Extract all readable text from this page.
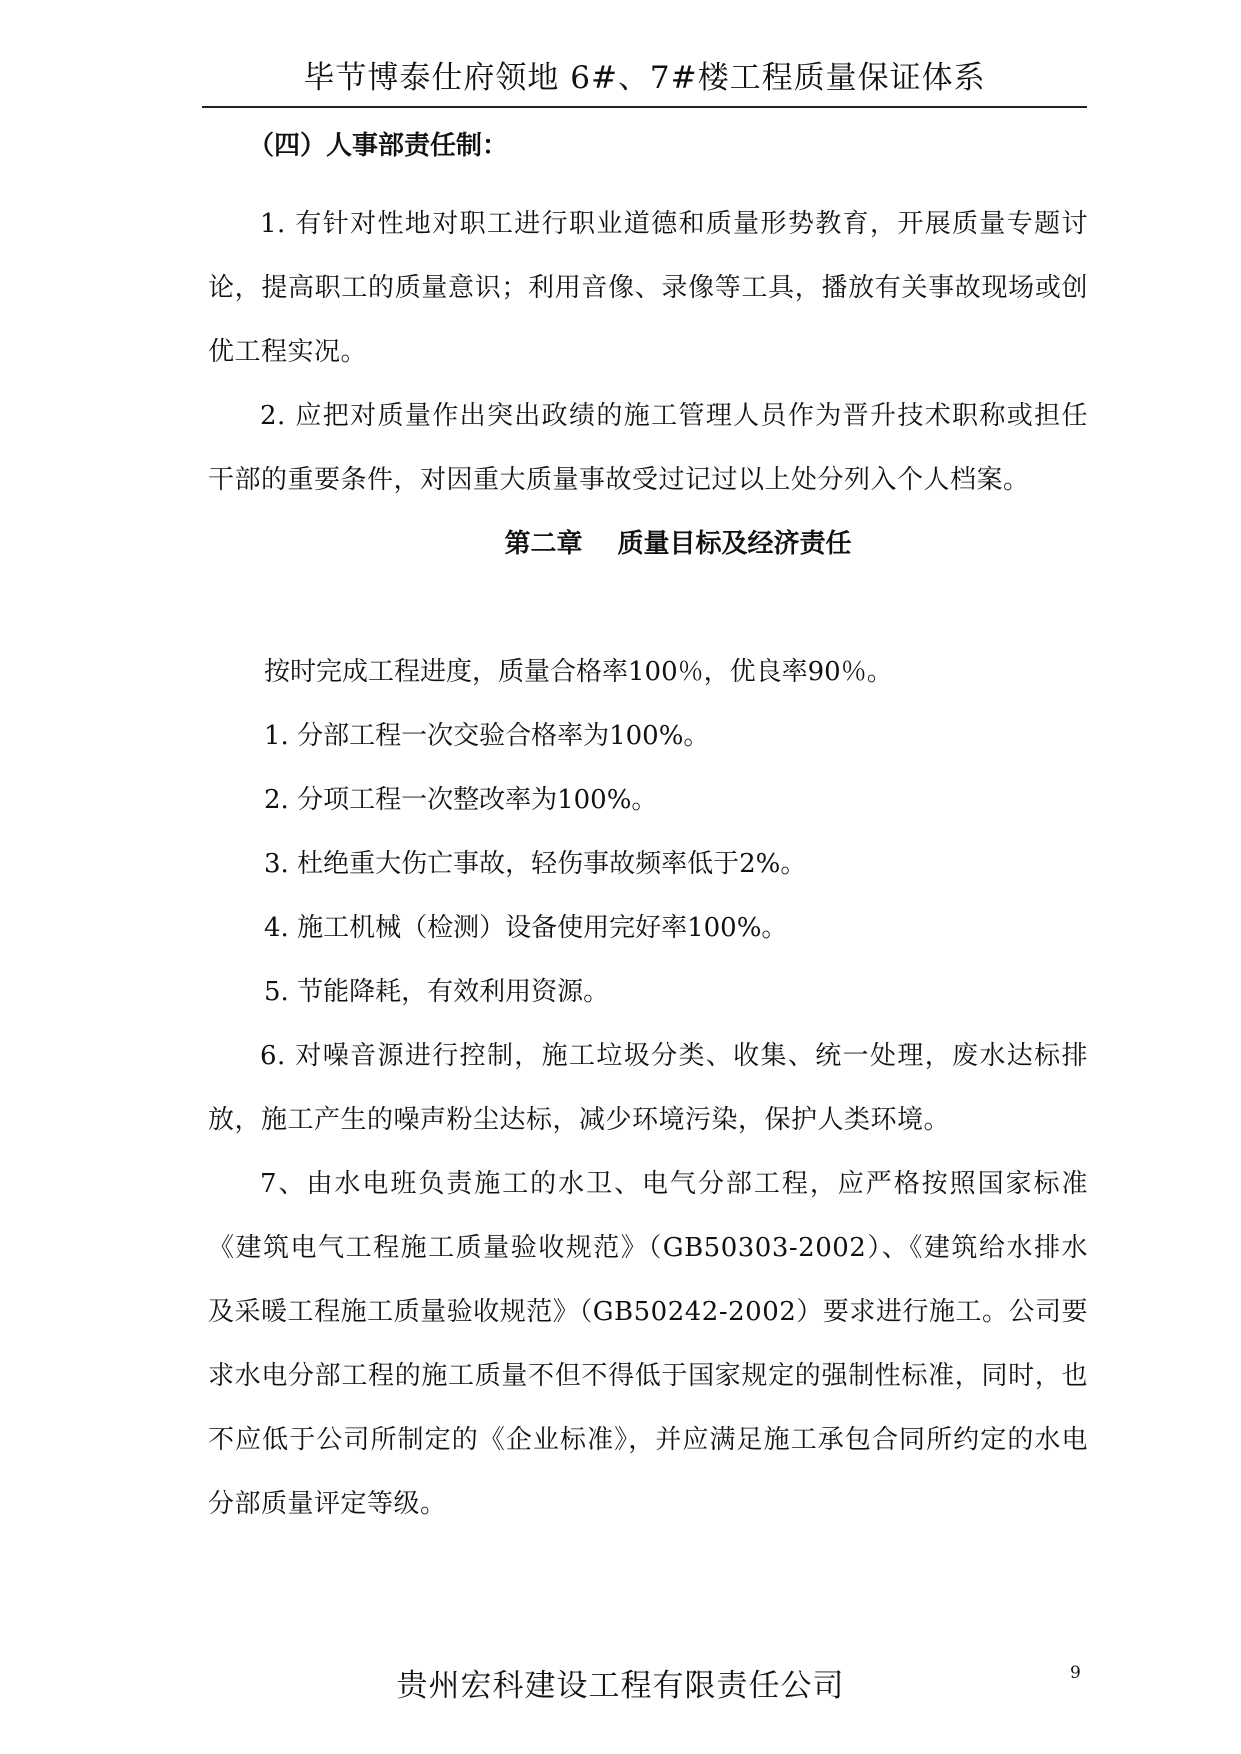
毕节博泰仕府领地 6#、7#楼工程质量保证体系
（四）人事部责任制：

1. 有针对性地对职工进行职业道德和质量形势教育，开展质量专题讨论，提高职工的质量意识；利用音像、录像等工具，播放有关事故现场或创优工程实况。

2. 应把对质量作出突出政绩的施工管理人员作为晋升技术职称或担任干部的重要条件，对因重大质量事故受过记过以上处分列入个人档案。

第二章　 质量目标及经济责任

按时完成工程进度，质量合格率100％，优良率90％。

1. 分部工程一次交验合格率为100%。

2. 分项工程一次整改率为100%。

3. 杜绝重大伤亡事故，轻伤事故频率低于2%。

4. 施工机械（检测）设备使用完好率100%。

5. 节能降耗，有效利用资源。

6. 对噪音源进行控制，施工垃圾分类、收集、统一处理，废水达标排放，施工产生的噪声粉尘达标，减少环境污染，保护人类环境。

7、由水电班负责施工的水卫、电气分部工程，应严格按照国家标准《建筑电气工程施工质量验收规范》（GB50303-2002）、《建筑给水排水及采暖工程施工质量验收规范》（GB50242-2002）要求进行施工。公司要求水电分部工程的施工质量不但不得低于国家规定的强制性标准，同时，也不应低于公司所制定的《企业标准》，并应满足施工承包合同所约定的水电分部质量评定等级。

贵州宏科建设工程有限责任公司	9
